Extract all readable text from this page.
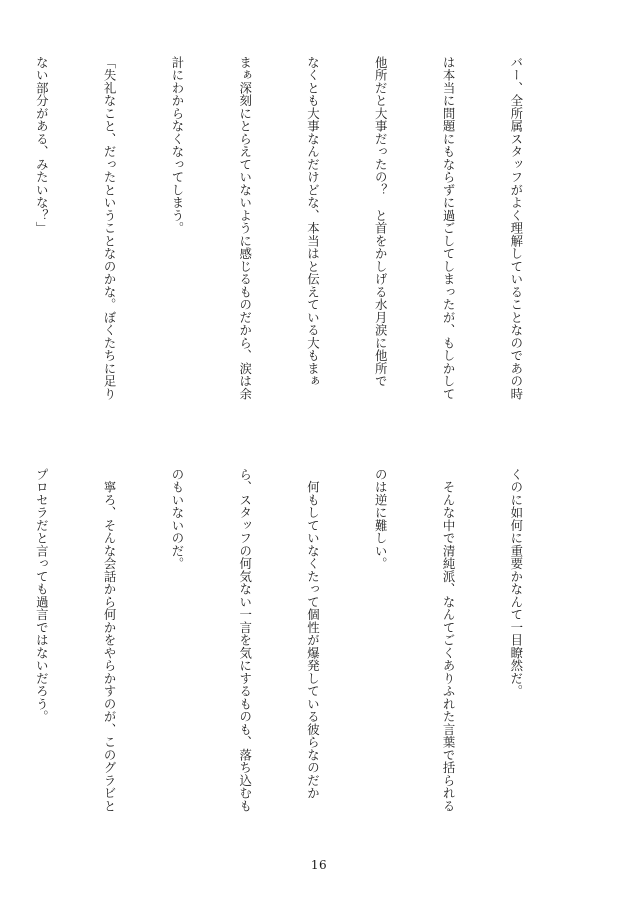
バー、全所属スタッフがよく理解していることなのであの時

は本当に問題にもならずに過ごしてしまったが、もしかして

他所だと大事だったの？　と首をかしげる水月涙に他所で

なくとも大事なんだけどな、本当はと伝えている大もまぁ

まぁ深刻にとらえていないように感じるものだから、涙は余

計にわからなくなってしまう。

「失礼なこと、だったということなのかな。ぼくたちに足り

ない部分がある、みたいな？」

くのに如何に重要かなんて一目瞭然だ。

　そんな中で清純派、なんてごくありふれた言葉で括られる

のは逆に難しい。

　何もしていなくたって個性が爆発している彼らなのだか

ら、スタッフの何気ない一言を気にするものも、落ち込むも

のもいないのだ。

　寧ろ、そんな会話から何かをやらかすのが、このグラビと

プロセラだと言っても過言ではないだろう。

16
